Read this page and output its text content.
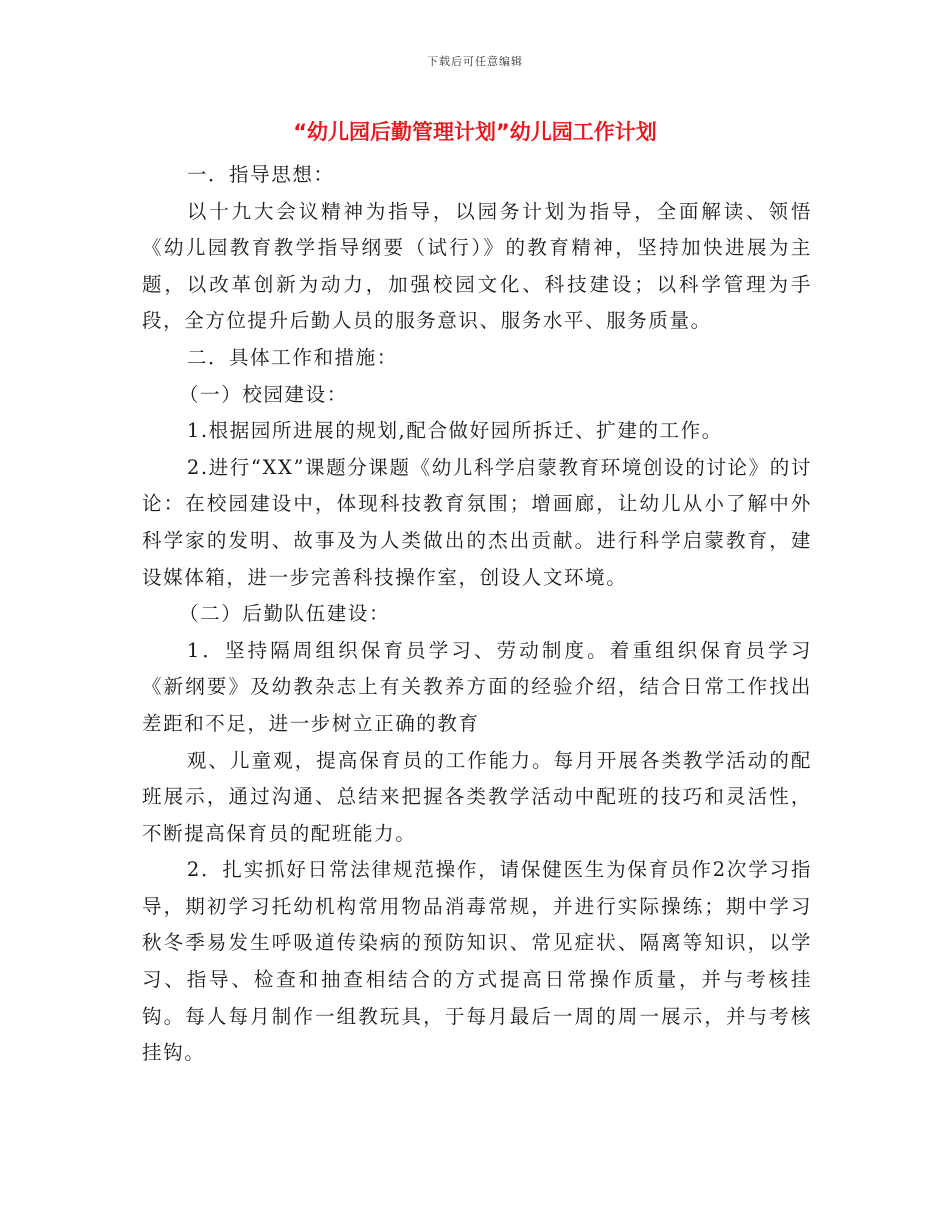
下载后可任意编辑
“幼儿园后勤管理计划”幼儿园工作计划

一．指导思想：

以十九大会议精神为指导，以园务计划为指导，全面解读、领悟《幼儿园教育教学指导纲要（试行）》的教育精神，坚持加快进展为主题，以改革创新为动力，加强校园文化、科技建设；以科学管理为手段，全方位提升后勤人员的服务意识、服务水平、服务质量。

二．具体工作和措施：

（一）校园建设：

1.根据园所进展的规划,配合做好园所拆迁、扩建的工作。

2.进行“XX”课题分课题《幼儿科学启蒙教育环境创设的讨论》的讨论：在校园建设中，体现科技教育氛围；增画廊，让幼儿从小了解中外科学家的发明、故事及为人类做出的杰出贡献。进行科学启蒙教育，建设媒体箱，进一步完善科技操作室，创设人文环境。

（二）后勤队伍建设：

1．坚持隔周组织保育员学习、劳动制度。着重组织保育员学习《新纲要》及幼教杂志上有关教养方面的经验介绍，结合日常工作找出差距和不足，进一步树立正确的教育

观、儿童观，提高保育员的工作能力。每月开展各类教学活动的配班展示，通过沟通、总结来把握各类教学活动中配班的技巧和灵活性，不断提高保育员的配班能力。

2．扎实抓好日常法律规范操作，请保健医生为保育员作2次学习指导，期初学习托幼机构常用物品消毒常规，并进行实际操练；期中学习秋冬季易发生呼吸道传染病的预防知识、常见症状、隔离等知识，以学习、指导、检查和抽查相结合的方式提高日常操作质量，并与考核挂钩。每人每月制作一组教玩具，于每月最后一周的周一展示，并与考核挂钩。
